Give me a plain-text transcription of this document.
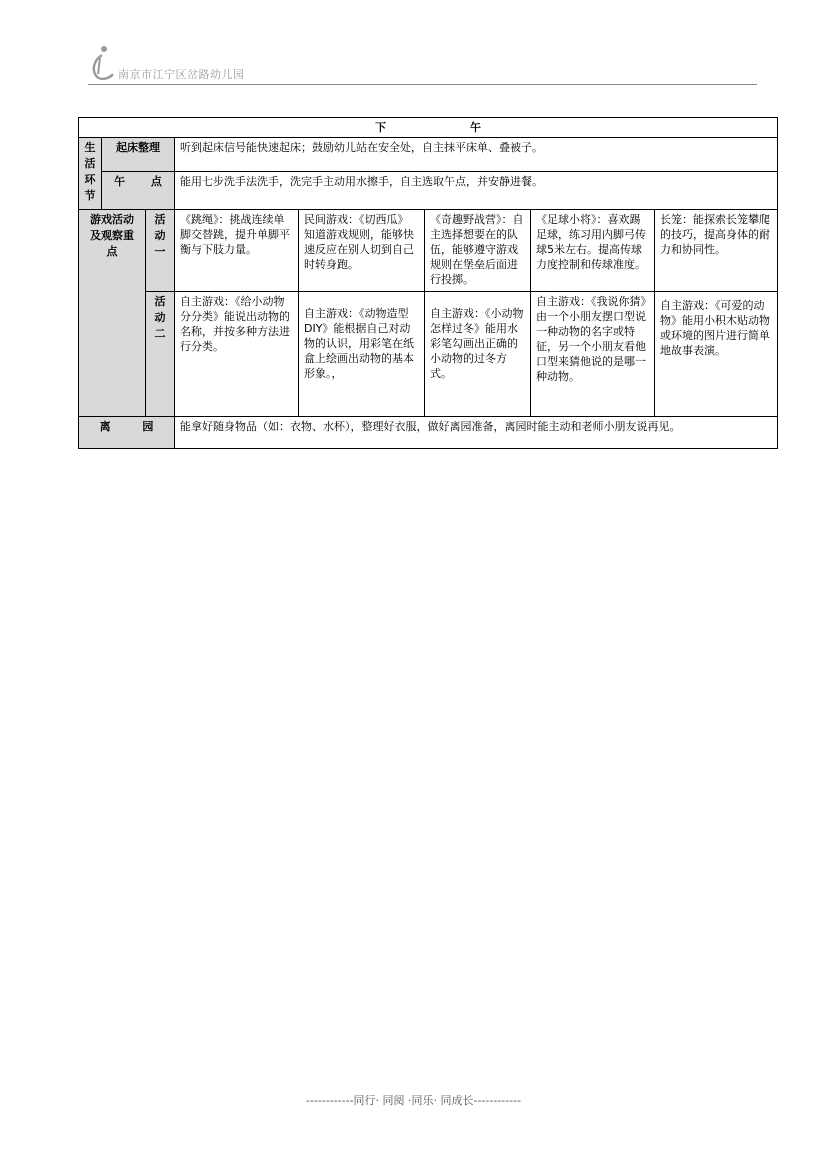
南京市江宁区岔路幼儿园
下 午							
生活环节	起床整理		听到起床信号能快速起床；鼓励幼儿站在安全处，自主抹平床单、叠被子。				
	午 点		能用七步洗手法洗手，洗完手主动用水擦手，自主选取午点，并安静进餐。				
游戏活动及观察重点		活动一	《跳绳》：挑战连续单脚交替跳，提升单脚平衡与下肢力量。	民间游戏：《切西瓜》知道游戏规则，能够快速反应在别人切到自己时转身跑。	《奇趣野战营》：自主选择想要在的队伍，能够遵守游戏规则在堡垒后面进行投掷。	《足球小将》：喜欢踢足球，练习用内脚弓传球5米左右。提高传球力度控制和传球准度。	长笼：能探索长笼攀爬的技巧，提高身体的耐力和协同性。
		活动二	自主游戏：《给小动物分分类》能说出动物的名称，并按多种方法进行分类。	自主游戏：《动物造型DIY》能根据自己对动物的认识，用彩笔在纸盒上绘画出动物的基本形象。，	自主游戏：《小动物怎样过冬》能用水彩笔勾画出正确的小动物的过冬方式。	自主游戏：《我说你猜》由一个小朋友摆口型说一种动物的名字或特征，另一个小朋友看他口型来猜他说的是哪一种动物。	自主游戏：《可爱的动物》能用小积木贴动物或环境的图片进行简单地故事表演。
离 园			能拿好随身物品（如：衣物、水杯），整理好衣服，做好离园准备，离园时能主动和老师小朋友说再见。				
------------同行· 同阅 ·同乐· 同成长------------
